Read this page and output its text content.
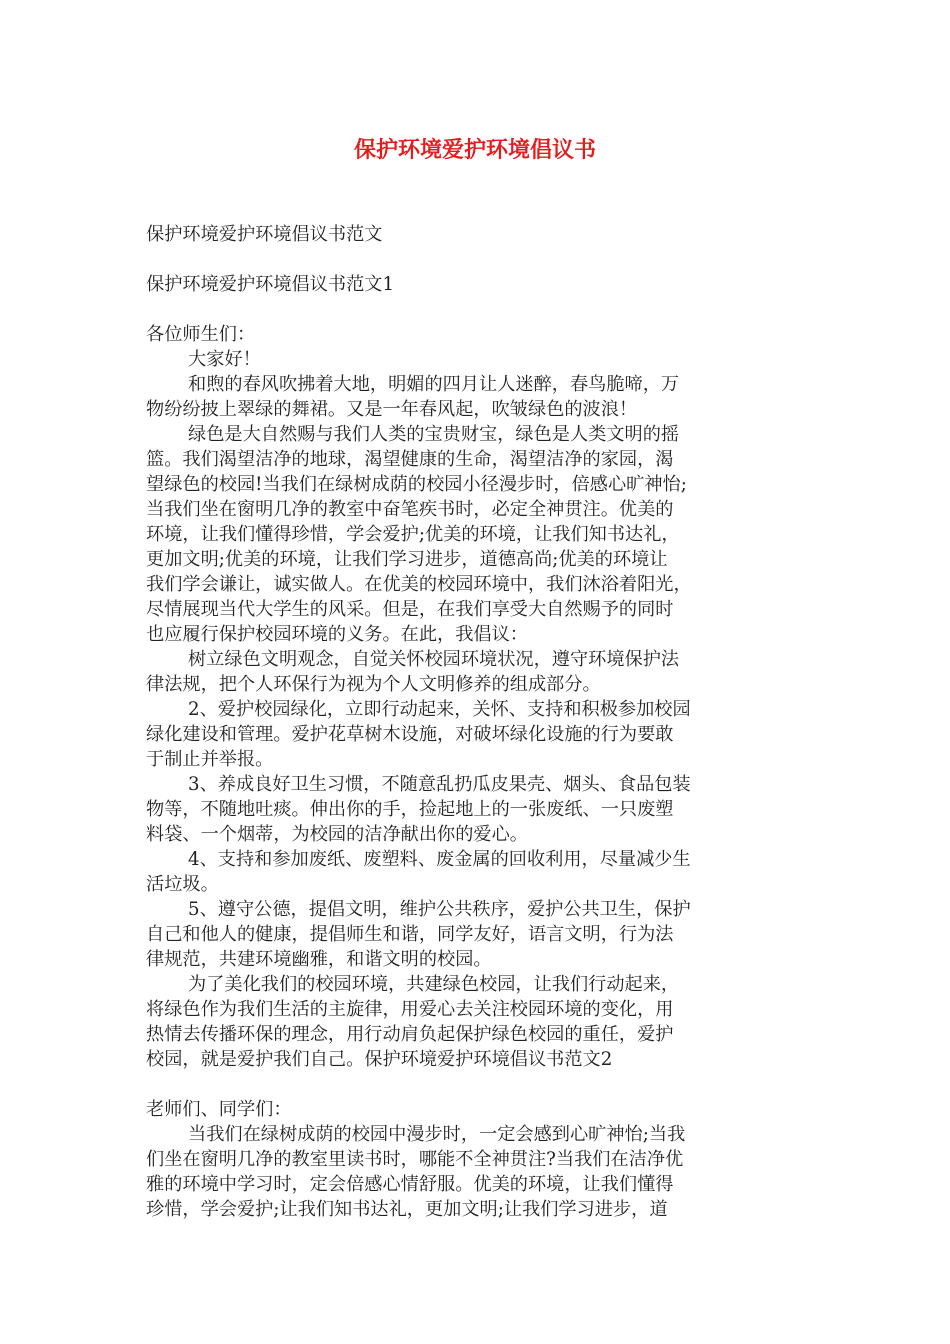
保护环境爱护环境倡议书

保护环境爱护环境倡议书范文

保护环境爱护环境倡议书范文1

各位师生们：

大家好！

和煦的春风吹拂着大地，明媚的四月让人迷醉，春鸟脆啼，万

物纷纷披上翠绿的舞裙。又是一年春风起，吹皱绿色的波浪！

绿色是大自然赐与我们人类的宝贵财宝，绿色是人类文明的摇

篮。我们渴望洁净的地球，渴望健康的生命，渴望洁净的家园，渴

望绿色的校园!当我们在绿树成荫的校园小径漫步时，倍感心旷神怡;

当我们坐在窗明几净的教室中奋笔疾书时，必定全神贯注。优美的

环境，让我们懂得珍惜，学会爱护;优美的环境，让我们知书达礼，

更加文明;优美的环境，让我们学习进步，道德高尚;优美的环境让

我们学会谦让，诚实做人。在优美的校园环境中，我们沐浴着阳光，

尽情展现当代大学生的风采。但是，在我们享受大自然赐予的同时

也应履行保护校园环境的义务。在此，我倡议：

树立绿色文明观念，自觉关怀校园环境状况，遵守环境保护法

律法规，把个人环保行为视为个人文明修养的组成部分。

2、爱护校园绿化，立即行动起来，关怀、支持和积极参加校园

绿化建设和管理。爱护花草树木设施，对破坏绿化设施的行为要敢

于制止并举报。

3、养成良好卫生习惯，不随意乱扔瓜皮果壳、烟头、食品包装

物等，不随地吐痰。伸出你的手，捡起地上的一张废纸、一只废塑

料袋、一个烟蒂，为校园的洁净献出你的爱心。

4、支持和参加废纸、废塑料、废金属的回收利用，尽量减少生

活垃圾。

5、遵守公德，提倡文明，维护公共秩序，爱护公共卫生，保护

自己和他人的健康，提倡师生和谐，同学友好，语言文明，行为法

律规范，共建环境幽雅，和谐文明的校园。

为了美化我们的校园环境，共建绿色校园，让我们行动起来，

将绿色作为我们生活的主旋律，用爱心去关注校园环境的变化，用

热情去传播环保的理念，用行动肩负起保护绿色校园的重任，爱护

校园，就是爱护我们自己。保护环境爱护环境倡议书范文2

老师们、同学们：

当我们在绿树成荫的校园中漫步时，一定会感到心旷神怡;当我

们坐在窗明几净的教室里读书时，哪能不全神贯注?当我们在洁净优

雅的环境中学习时，定会倍感心情舒服。优美的环境，让我们懂得

珍惜，学会爱护;让我们知书达礼，更加文明;让我们学习进步，道
